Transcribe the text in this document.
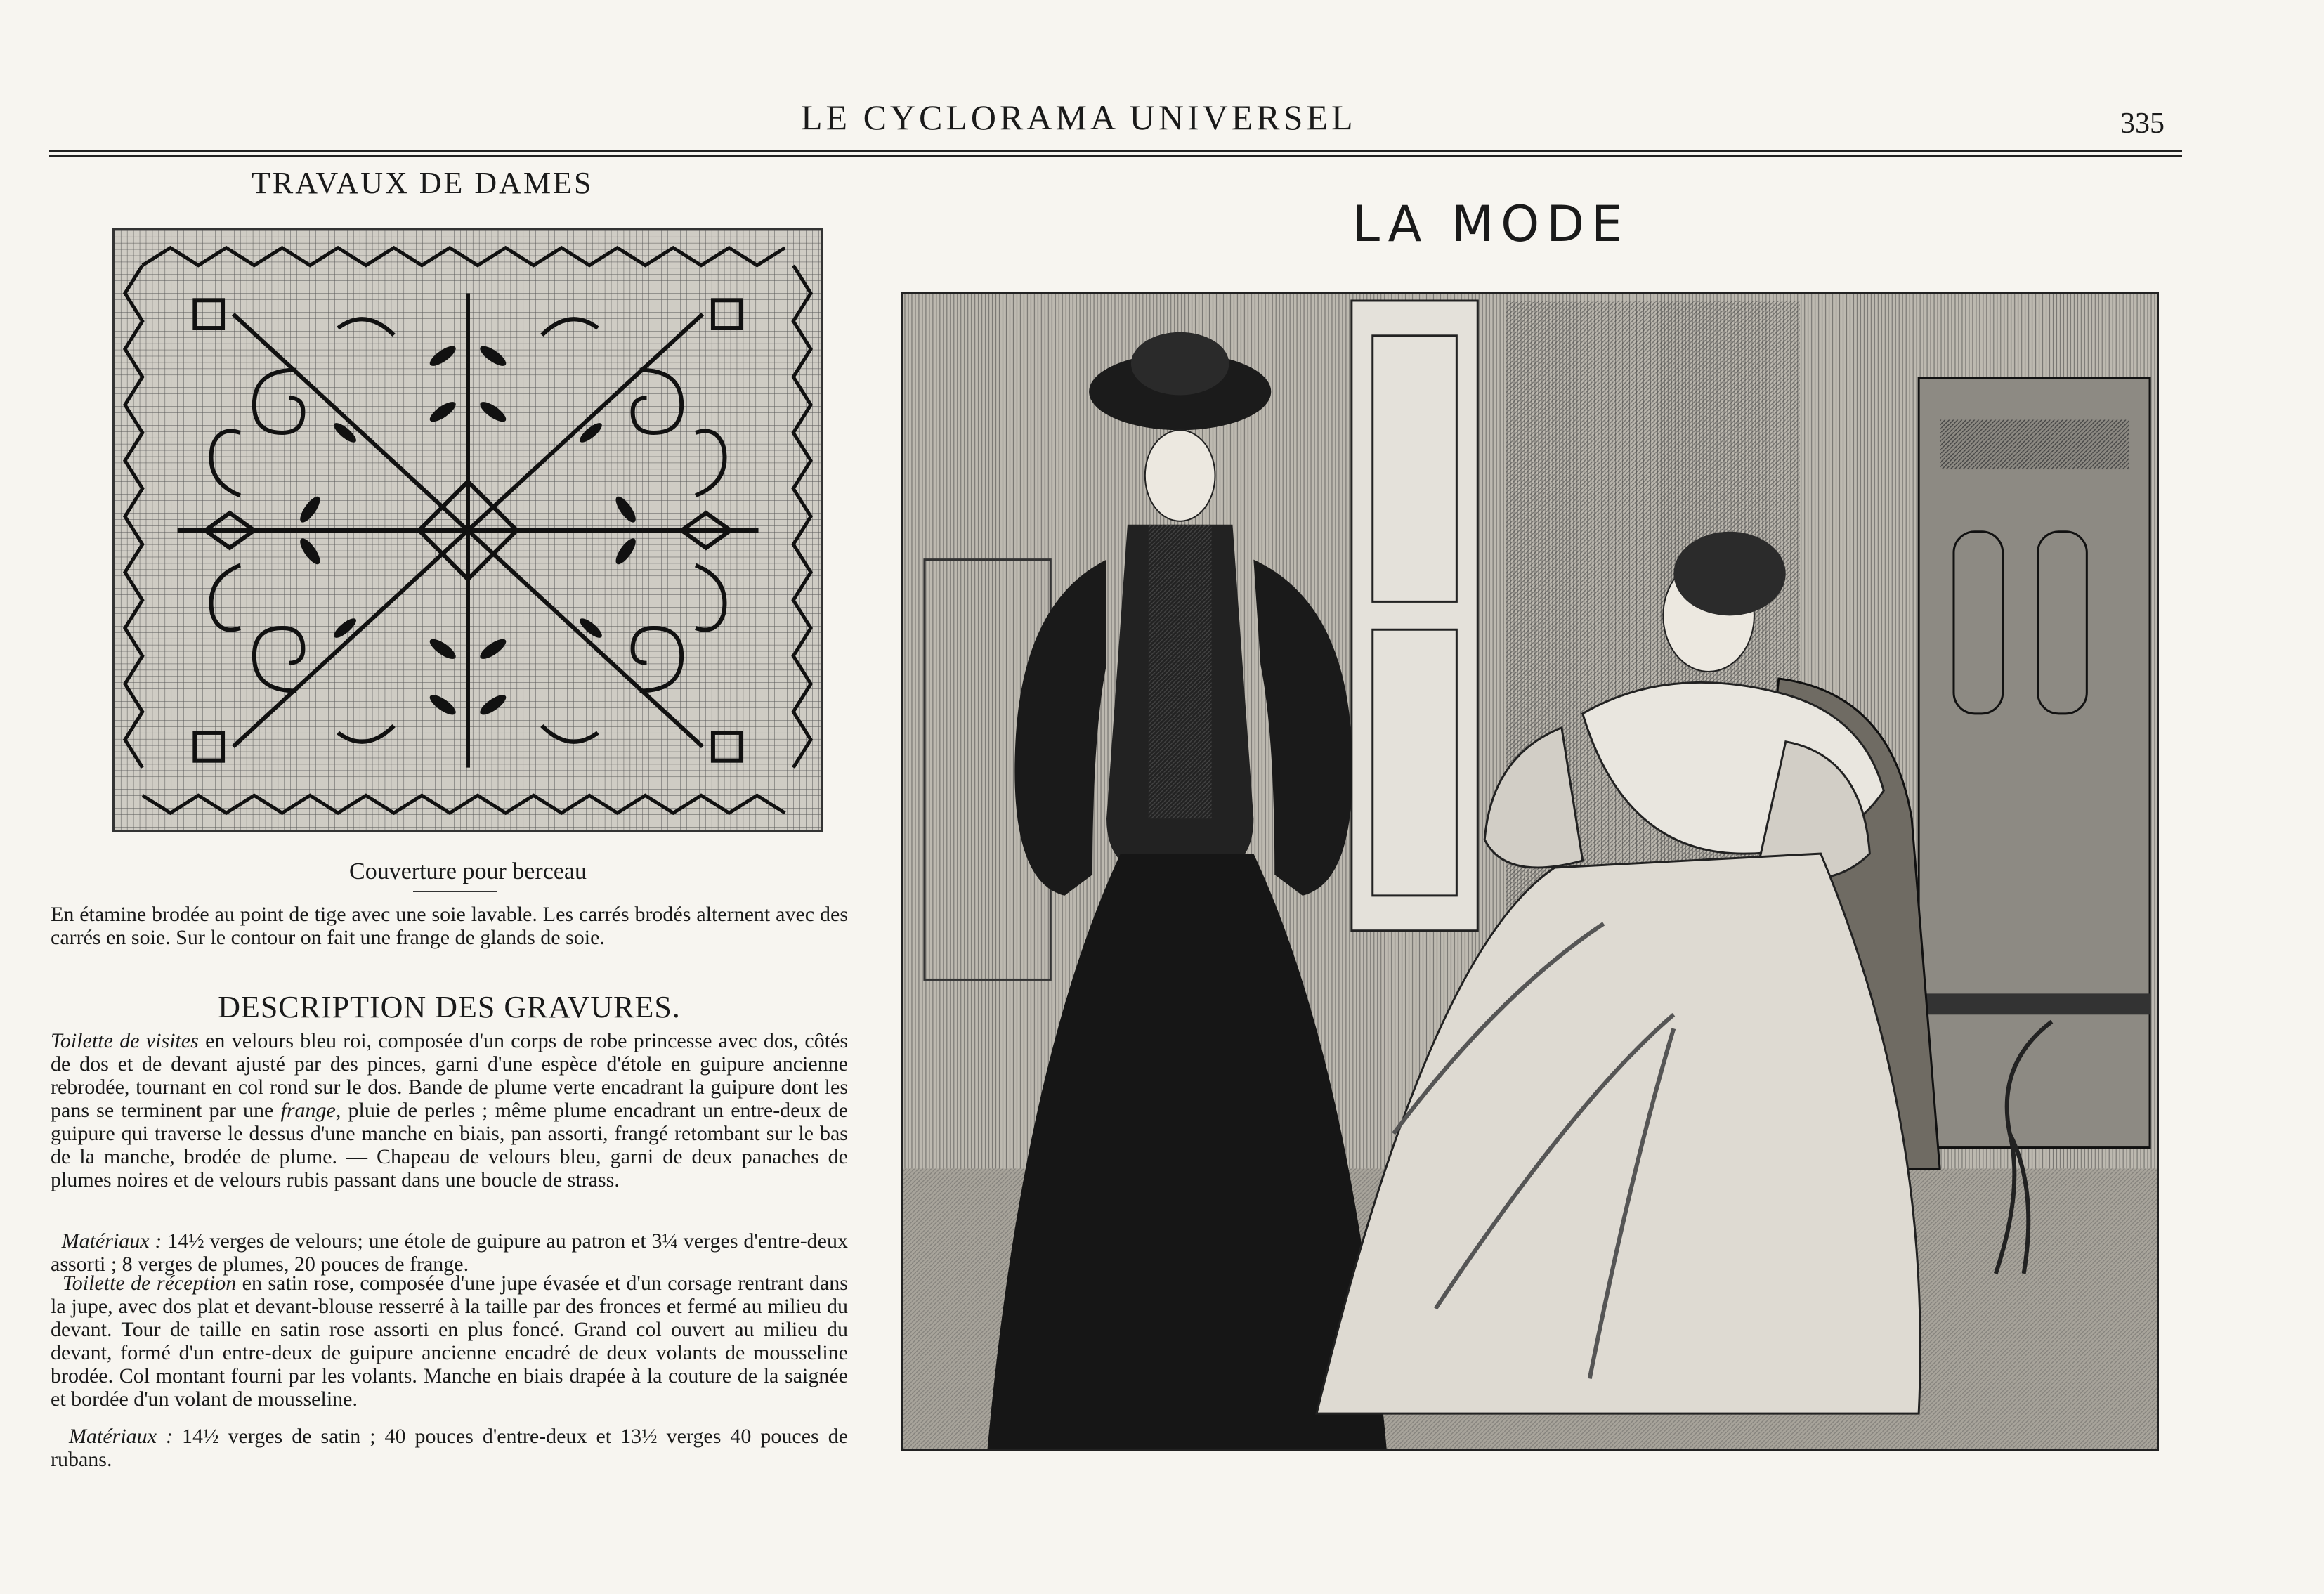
LE CYCLORAMA UNIVERSEL	335
TRAVAUX DE DAMES
LA MODE
Couverture pour berceau

En étamine brodée au point de tige avec une soie lavable. Les carrés brodés alternent avec des carrés en soie. Sur le contour on fait une frange de glands de soie.

DESCRIPTION DES GRAVURES.

Toilette de visites en velours bleu roi, composée d'un corps de robe princesse avec dos, côtés de dos et de devant ajusté par des pinces, garni d'une espèce d'étole en guipure ancienne rebrodée, tournant en col rond sur le dos. Bande de plume verte encadrant la guipure dont les pans se terminent par une frange, pluie de perles ; même plume encadrant un entre-deux de guipure qui traverse le dessus d'une manche en biais, pan assorti, frangé retombant sur le bas de la manche, brodée de plume. — Chapeau de velours bleu, garni de deux panaches de plumes noires et de velours rubis passant dans une boucle de strass.

Matériaux : 14½ verges de velours; une étole de guipure au patron et 3¼ verges d'entre-deux assorti ; 8 verges de plumes, 20 pouces de frange.

Toilette de réception en satin rose, composée d'une jupe évasée et d'un corsage rentrant dans la jupe, avec dos plat et devant-blouse resserré à la taille par des fronces et fermé au milieu du devant. Tour de taille en satin rose assorti en plus foncé. Grand col ouvert au milieu du devant, formé d'un entre-deux de guipure ancienne encadré de deux volants de mousseline brodée. Col montant fourni par les volants. Manche en biais drapée à la couture de la saignée et bordée d'un volant de mousseline.

Matériaux : 14½ verges de satin ; 40 pouces d'entre-deux et 13½ verges 40 pouces de rubans.
